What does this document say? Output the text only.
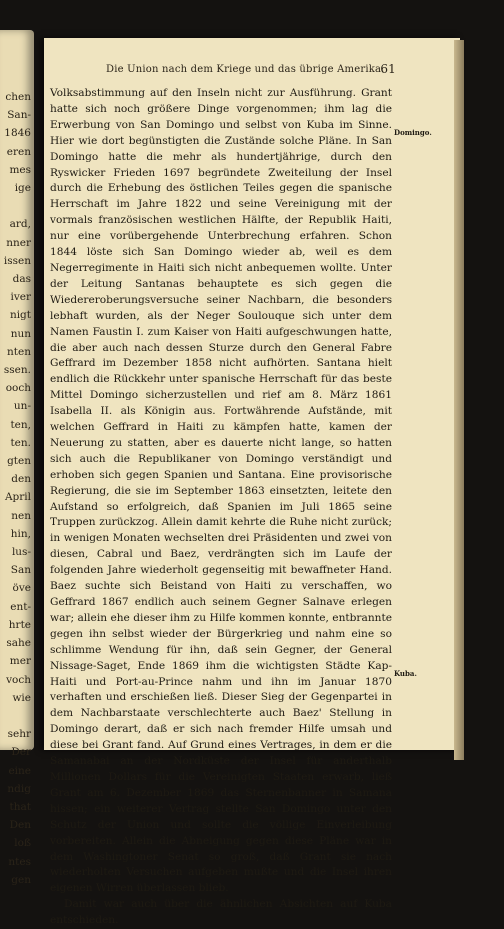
chen
San-
1846
eren
mes
ige

ard,
nner
issen
das
iver
nigt
nun
nten
ssen.
ooch
un-
ten,
ten.
gten
den
April
nen
hin,
lus-
San
öve
ent-
hrte
sahe
mer
voch
wie

sehr
Der
eine
ndig
that
Den
loß
ntes
gen
Die Union nach dem Kriege und das übrige Amerika.
61

Volksabstimmung auf den Inseln nicht zur Ausführung. Grant hatte sich noch größere Dinge vorgenommen; ihm lag die Erwerbung von San Domingo und selbst von Kuba im Sinne. Hier wie dort begünstigten die Zustände solche Pläne. In San Domingo hatte die mehr als hundertjährige, durch den Ryswicker Frieden 1697 begründete Zweiteilung der Insel durch die Erhebung des östlichen Teiles gegen die spanische Herrschaft im Jahre 1822 und seine Vereinigung mit der vormals französischen westlichen Hälfte, der Republik Haiti, nur eine vorübergehende Unterbrechung erfahren. Schon 1844 löste sich San Domingo wieder ab, weil es dem Negerregimente in Haiti sich nicht anbequemen wollte. Unter der Leitung Santanas behauptete es sich gegen die Wiedereroberungsversuche seiner Nachbarn, die besonders lebhaft wurden, als der Neger Soulouque sich unter dem Namen Faustin I. zum Kaiser von Haiti aufgeschwungen hatte, die aber auch nach dessen Sturze durch den General Fabre Geffrard im Dezember 1858 nicht aufhörten. Santana hielt endlich die Rückkehr unter spanische Herrschaft für das beste Mittel Domingo sicherzustellen und rief am 8. März 1861 Isabella II. als Königin aus. Fortwährende Aufstände, mit welchen Geffrard in Haiti zu kämpfen hatte, kamen der Neuerung zu statten, aber es dauerte nicht lange, so hatten sich auch die Republikaner von Domingo verständigt und erhoben sich gegen Spanien und Santana. Eine provisorische Regierung, die sie im September 1863 einsetzten, leitete den Aufstand so erfolgreich, daß Spanien im Juli 1865 seine Truppen zurückzog. Allein damit kehrte die Ruhe nicht zurück; in wenigen Monaten wechselten drei Präsidenten und zwei von diesen, Cabral und Baez, verdrängten sich im Laufe der folgenden Jahre wiederholt gegenseitig mit bewaffneter Hand. Baez suchte sich Beistand von Haiti zu verschaffen, wo Geffrard 1867 endlich auch seinem Gegner Salnave erlegen war; allein ehe dieser ihm zu Hilfe kommen konnte, entbrannte gegen ihn selbst wieder der Bürgerkrieg und nahm eine so schlimme Wendung für ihn, daß sein Gegner, der General Nissage-Saget, Ende 1869 ihm die wichtigsten Städte Kap-Haiti und Port-au-Prince nahm und ihn im Januar 1870 verhaften und erschießen ließ. Dieser Sieg der Gegenpartei in dem Nachbarstaate verschlechterte auch Baez' Stellung in Domingo derart, daß er sich nach fremder Hilfe umsah und diese bei Grant fand. Auf Grund eines Vertrages, in dem er die Samanabai an der Nordküste der Insel für anderthalb Millionen Dollars für die Vereinigten Staaten erwarb, ließ Grant am 6. Dezember 1869 das Sternenbanner in Samana hissen; ein weiterer Vertrag stellte San Domingo unter den Schutz der Union und sollte die völlige Einverleibung vorbereiten. Allein die Abneigung gegen diese Pläne war in dem Washingtoner Senat so groß, daß Grant sie nach wiederholten Versuchen aufgeben mußte und die Insel ihren eigenen Wirren überlassen blieb.

Damit war auch über die ähnlichen Absichten auf Kuba entschieden.

Domingo.
Kuba.
